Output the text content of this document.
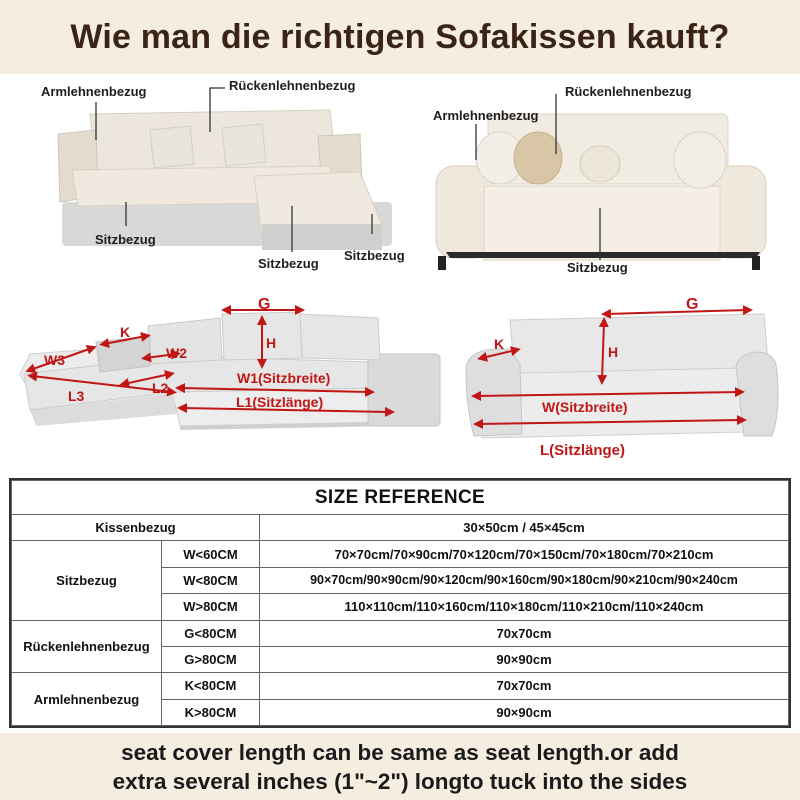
Wie man die richtigen Sofakissen kauft?
Armlehnenbezug	Rückenlehnenbezug
Sitzbezug
Sitzbezug
Sitzbezug
Armlehnenbezug
Rückenlehnenbezug
Sitzbezug
G
K
H
W3	W2
L3	L2
W1(Sitzbreite)
L1(Sitzlänge)
G
K	H
W(Sitzbreite)
L(Sitzlänge)
SIZE REFERENCE		
Kissenbezug		30×50cm / 45×45cm
Sitzbezug	W<60CM	70×70cm/70×90cm/70×120cm/70×150cm/70×180cm/70×210cm
	W<80CM	90×70cm/90×90cm/90×120cm/90×160cm/90×180cm/90×210cm/90×240cm
	W>80CM	110×110cm/110×160cm/110×180cm/110×210cm/110×240cm
Rückenlehnenbezug	G<80CM	70x70cm
	G>80CM	90×90cm
Armlehnenbezug	K<80CM	70x70cm
	K>80CM	90×90cm

seat cover length can be same as seat length.or add

extra several inches (1"~2") longto tuck into the sides
